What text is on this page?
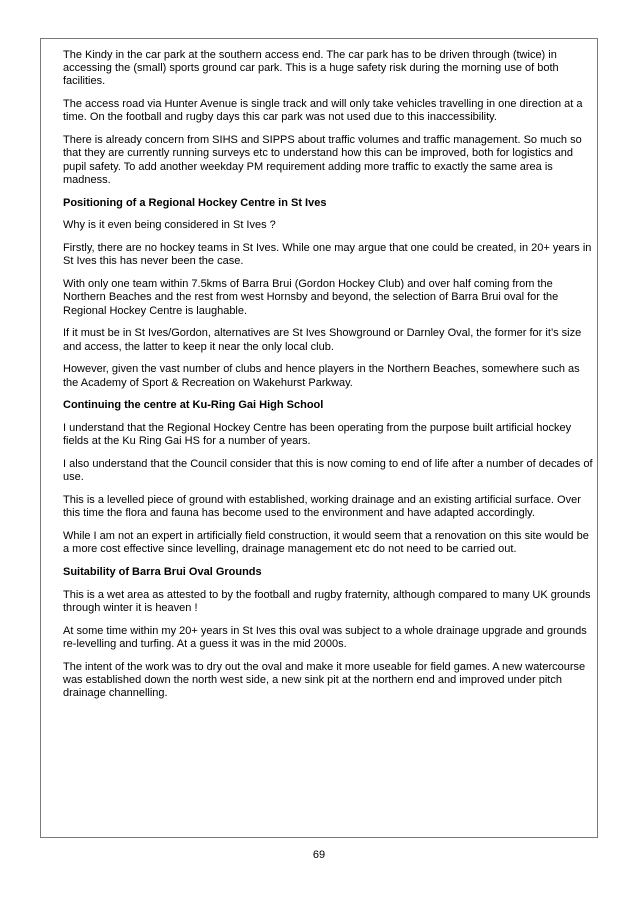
The Kindy in the car park at the southern access end. The car park has to be driven through (twice) in accessing the (small) sports ground car park. This is a huge safety risk during the morning use of both facilities.

The access road via Hunter Avenue is single track and will only take vehicles travelling in one direction at a time. On the football and rugby days this car park was not used due to this inaccessibility.

There is already concern from SIHS and SIPPS about traffic volumes and traffic management. So much so that they are currently running surveys etc to understand how this can be improved, both for logistics and pupil safety. To add another weekday PM requirement adding more traffic to exactly the same area is madness.

Positioning of a Regional Hockey Centre in St Ives

Why is it even being considered in St Ives ?

Firstly, there are no hockey teams in St Ives. While one may argue that one could be created, in 20+ years in St Ives this has never been the case.

With only one team within 7.5kms of Barra Brui (Gordon Hockey Club) and over half coming from the Northern Beaches and the rest from west Hornsby and beyond, the selection of Barra Brui oval for the Regional Hockey Centre is laughable.

If it must be in St Ives/Gordon, alternatives are St Ives Showground or Darnley Oval, the former for it’s size and access, the latter to keep it near the only local club.

However, given the vast number of clubs and hence players in the Northern Beaches, somewhere such as the Academy of Sport & Recreation on Wakehurst Parkway.

Continuing the centre at Ku-Ring Gai High School

I understand that the Regional Hockey Centre has been operating from the purpose built artificial hockey fields at the Ku Ring Gai HS for a number of years.

I also understand that the Council consider that this is now coming to end of life after a number of decades of use.

This is a levelled piece of ground with established, working drainage and an existing artificial surface. Over this time the flora and fauna has become used to the environment and have adapted accordingly.

While I am not an expert in artificially field construction, it would seem that a renovation on this site would be a more cost effective since levelling, drainage management etc do not need to be carried out.

Suitability of Barra Brui Oval Grounds

This is a wet area as attested to by the football and rugby fraternity, although compared to many UK grounds through winter it is heaven !

At some time within my 20+ years in St Ives this oval was subject to a whole drainage upgrade and grounds re-levelling and turfing. At a guess it was in the mid 2000s.

The intent of the work was to dry out the oval and make it more useable for field games. A new watercourse was established down the north west side, a new sink pit at the northern end and improved under pitch drainage channelling.

69
